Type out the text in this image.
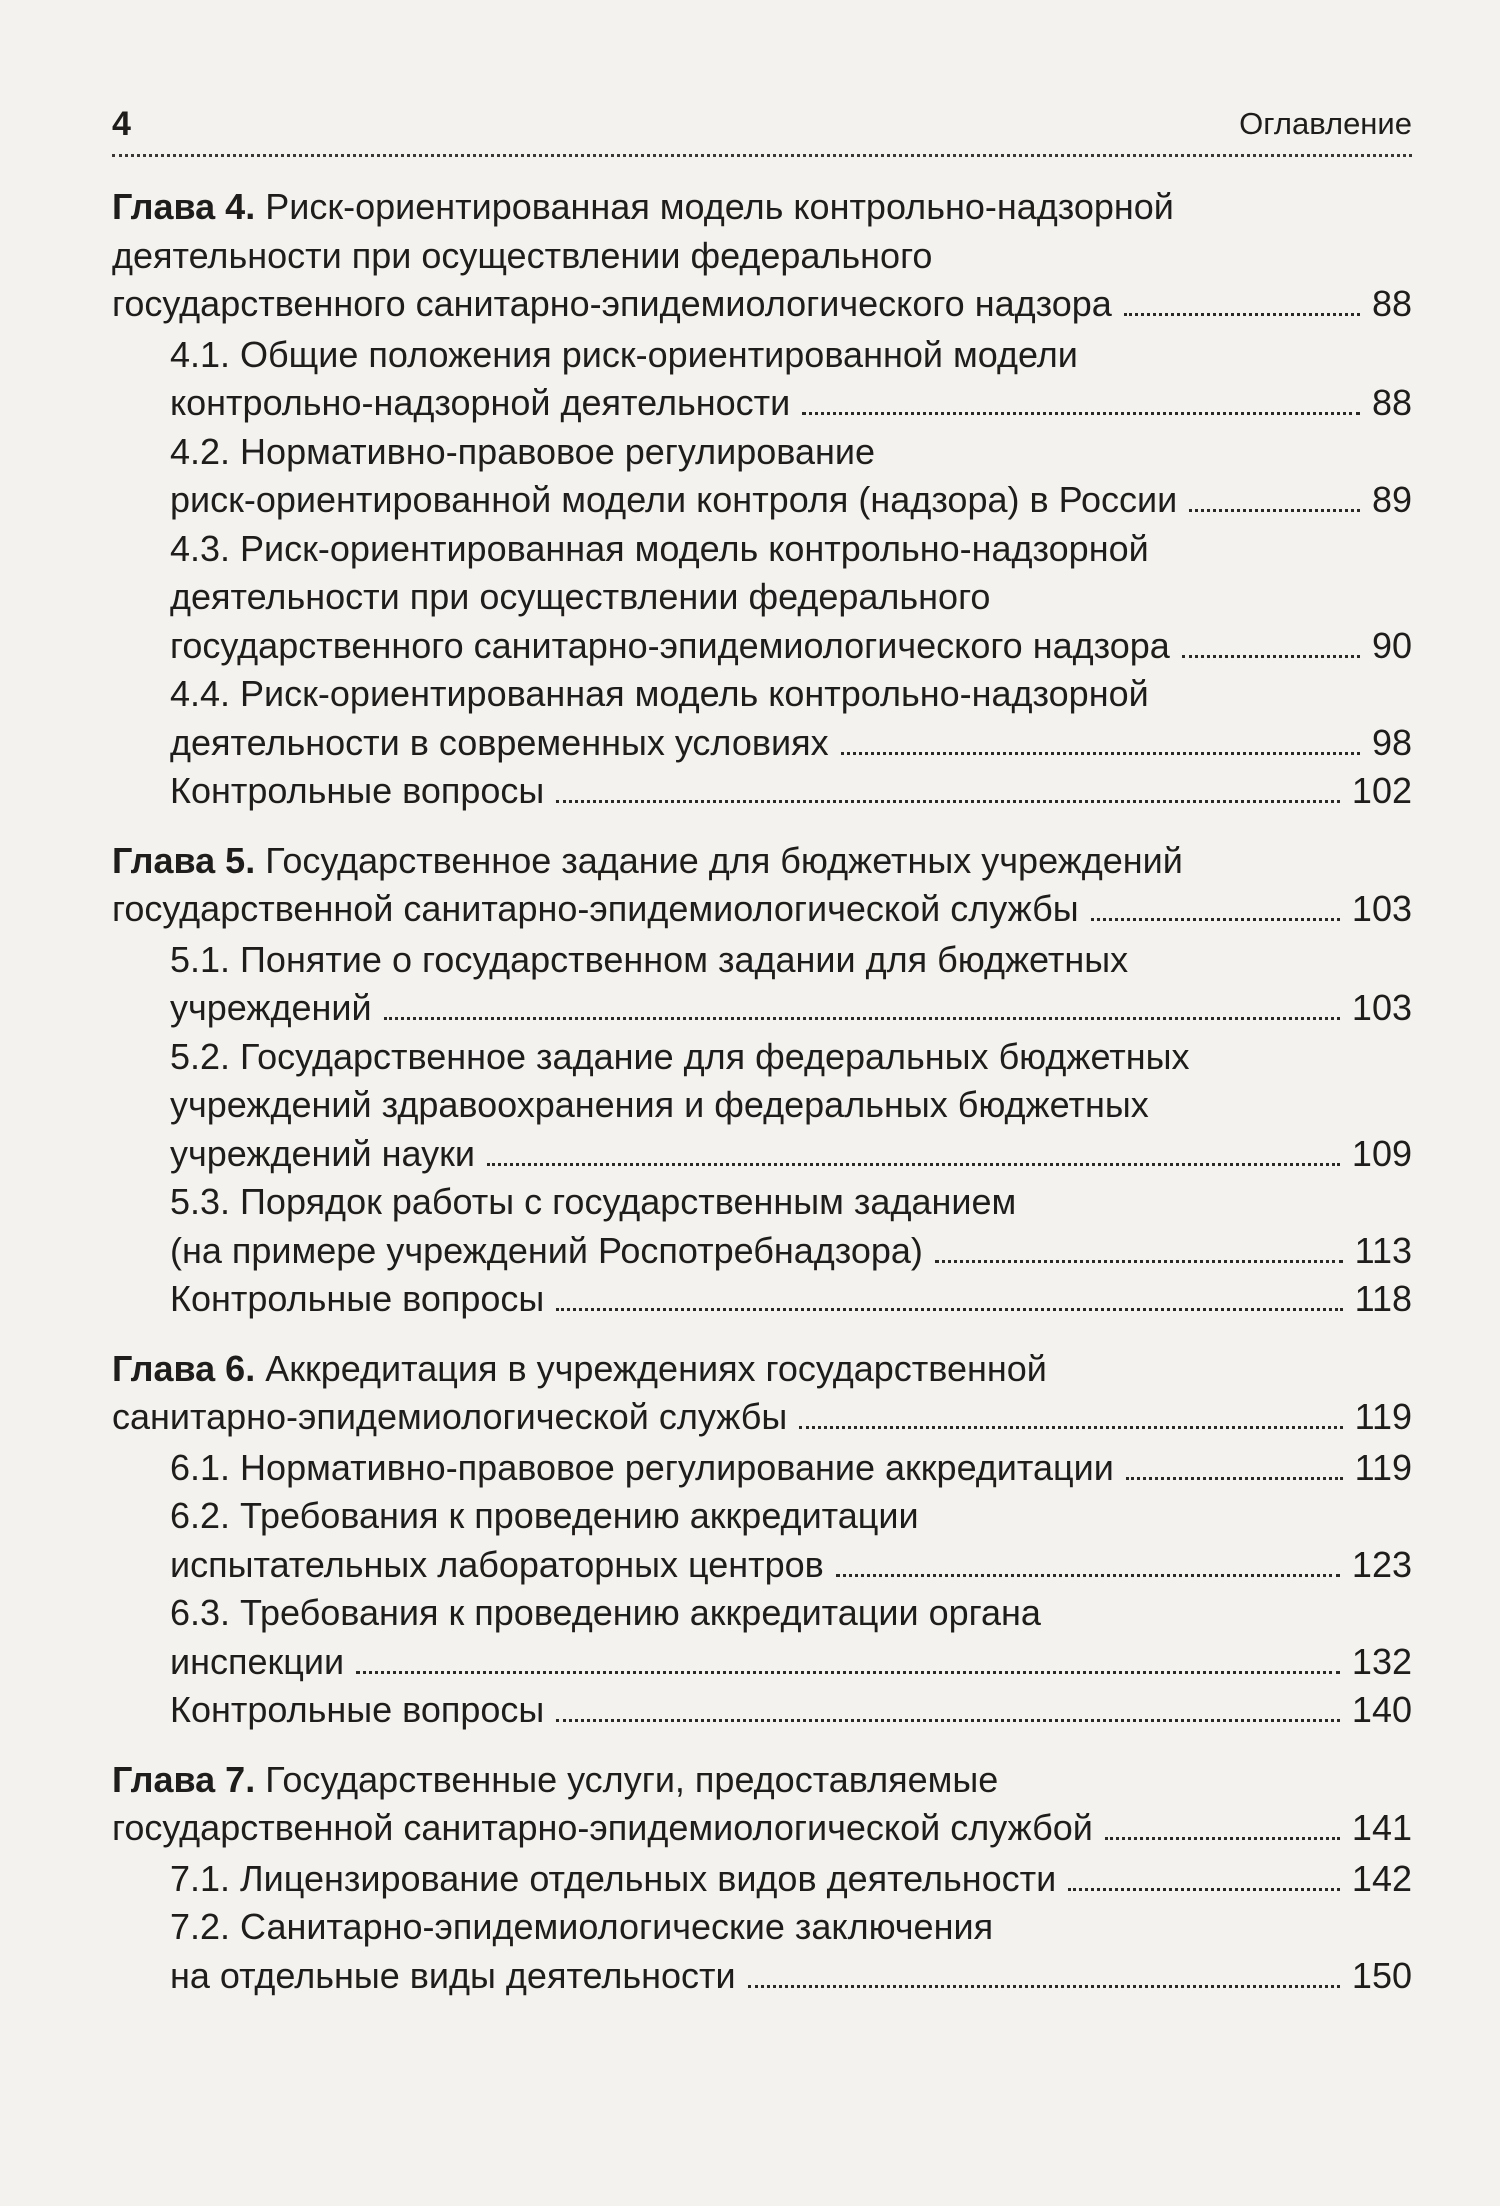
4	Оглавление
Глава 4. Риск-ориентированная модель контрольно-надзорной
деятельности при осуществлении федерального
государственного санитарно-эпидемиологического надзора	88
4.1. Общие положения риск-ориентированной модели
контрольно-надзорной деятельности	88
4.2. Нормативно-правовое регулирование
риск-ориентированной модели контроля (надзора) в России	89
4.3. Риск-ориентированная модель контрольно-надзорной
деятельности при осуществлении федерального
государственного санитарно-эпидемиологического надзора	90
4.4. Риск-ориентированная модель контрольно-надзорной
деятельности в современных условиях	98
Контрольные вопросы	102
Глава 5. Государственное задание для бюджетных учреждений
государственной санитарно-эпидемиологической службы	103
5.1. Понятие о государственном задании для бюджетных
учреждений	103
5.2. Государственное задание для федеральных бюджетных
учреждений здравоохранения и федеральных бюджетных
учреждений науки	109
5.3. Порядок работы с государственным заданием
(на примере учреждений Роспотребнадзора)	113
Контрольные вопросы	118
Глава 6. Аккредитация в учреждениях государственной
санитарно-эпидемиологической службы	119
6.1. Нормативно-правовое регулирование аккредитации	119
6.2. Требования к проведению аккредитации
испытательных лабораторных центров	123
6.3. Требования к проведению аккредитации органа
инспекции	132
Контрольные вопросы	140
Глава 7. Государственные услуги, предоставляемые
государственной санитарно-эпидемиологической службой	141
7.1. Лицензирование отдельных видов деятельности	142
7.2. Санитарно-эпидемиологические заключения
на отдельные виды деятельности	150
